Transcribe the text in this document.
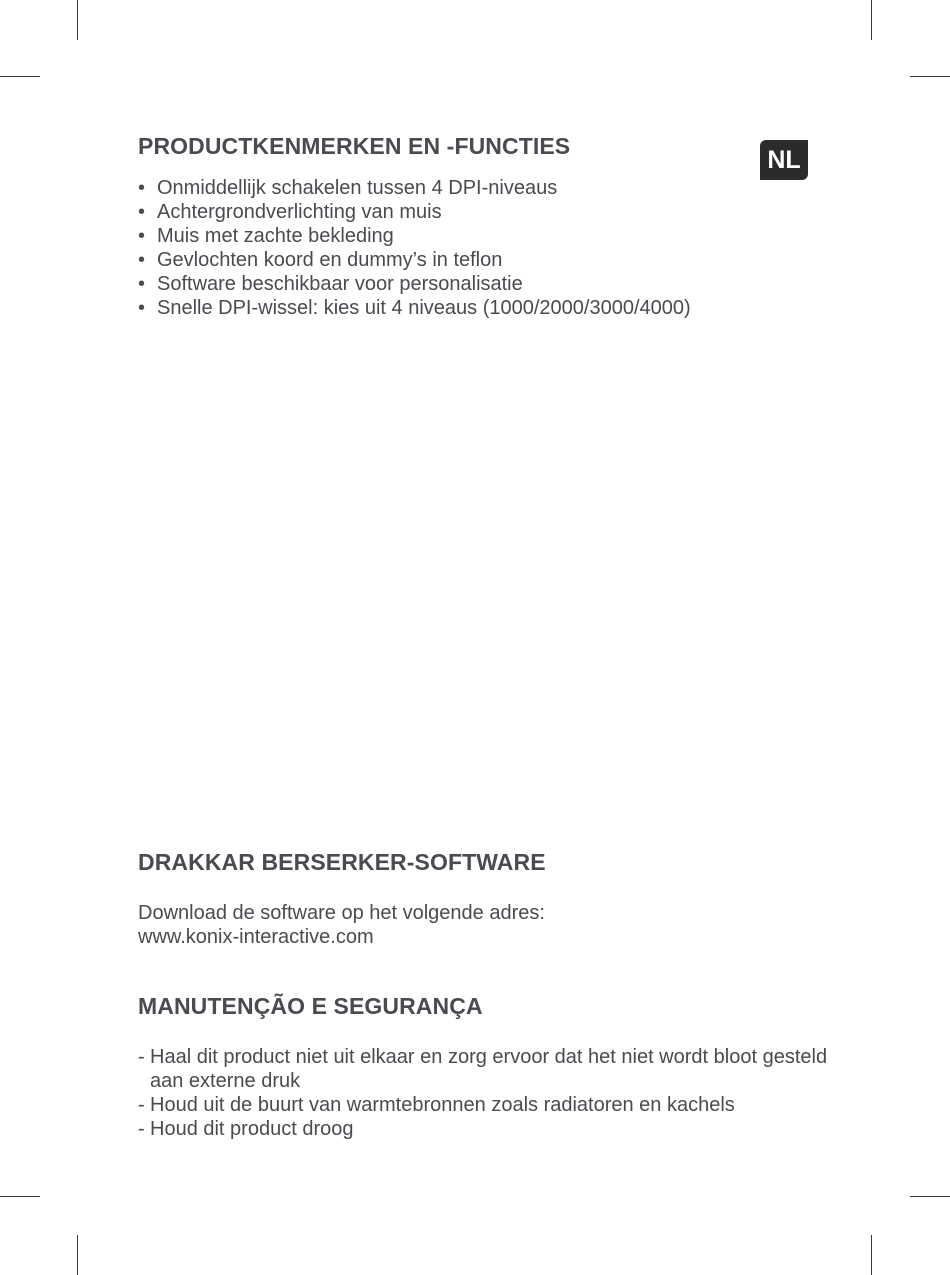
NL
PRODUCTKENMERKEN EN -FUNCTIES
• Onmiddellijk schakelen tussen 4 DPI-niveaus
• Achtergrondverlichting van muis
• Muis met zachte bekleding
• Gevlochten koord en dummy’s in teflon
• Software beschikbaar voor personalisatie
• Snelle DPI-wissel: kies uit 4 niveaus (1000/2000/3000/4000)
DRAKKAR BERSERKER-SOFTWARE

Download de software op het volgende adres:

www.konix-interactive.com

MANUTENÇÃO E SEGURANÇA
- Haal dit product niet uit elkaar en zorg ervoor dat het niet wordt bloot gesteld aan externe druk
- Houd uit de buurt van warmtebronnen zoals radiatoren en kachels
- Houd dit product droog
